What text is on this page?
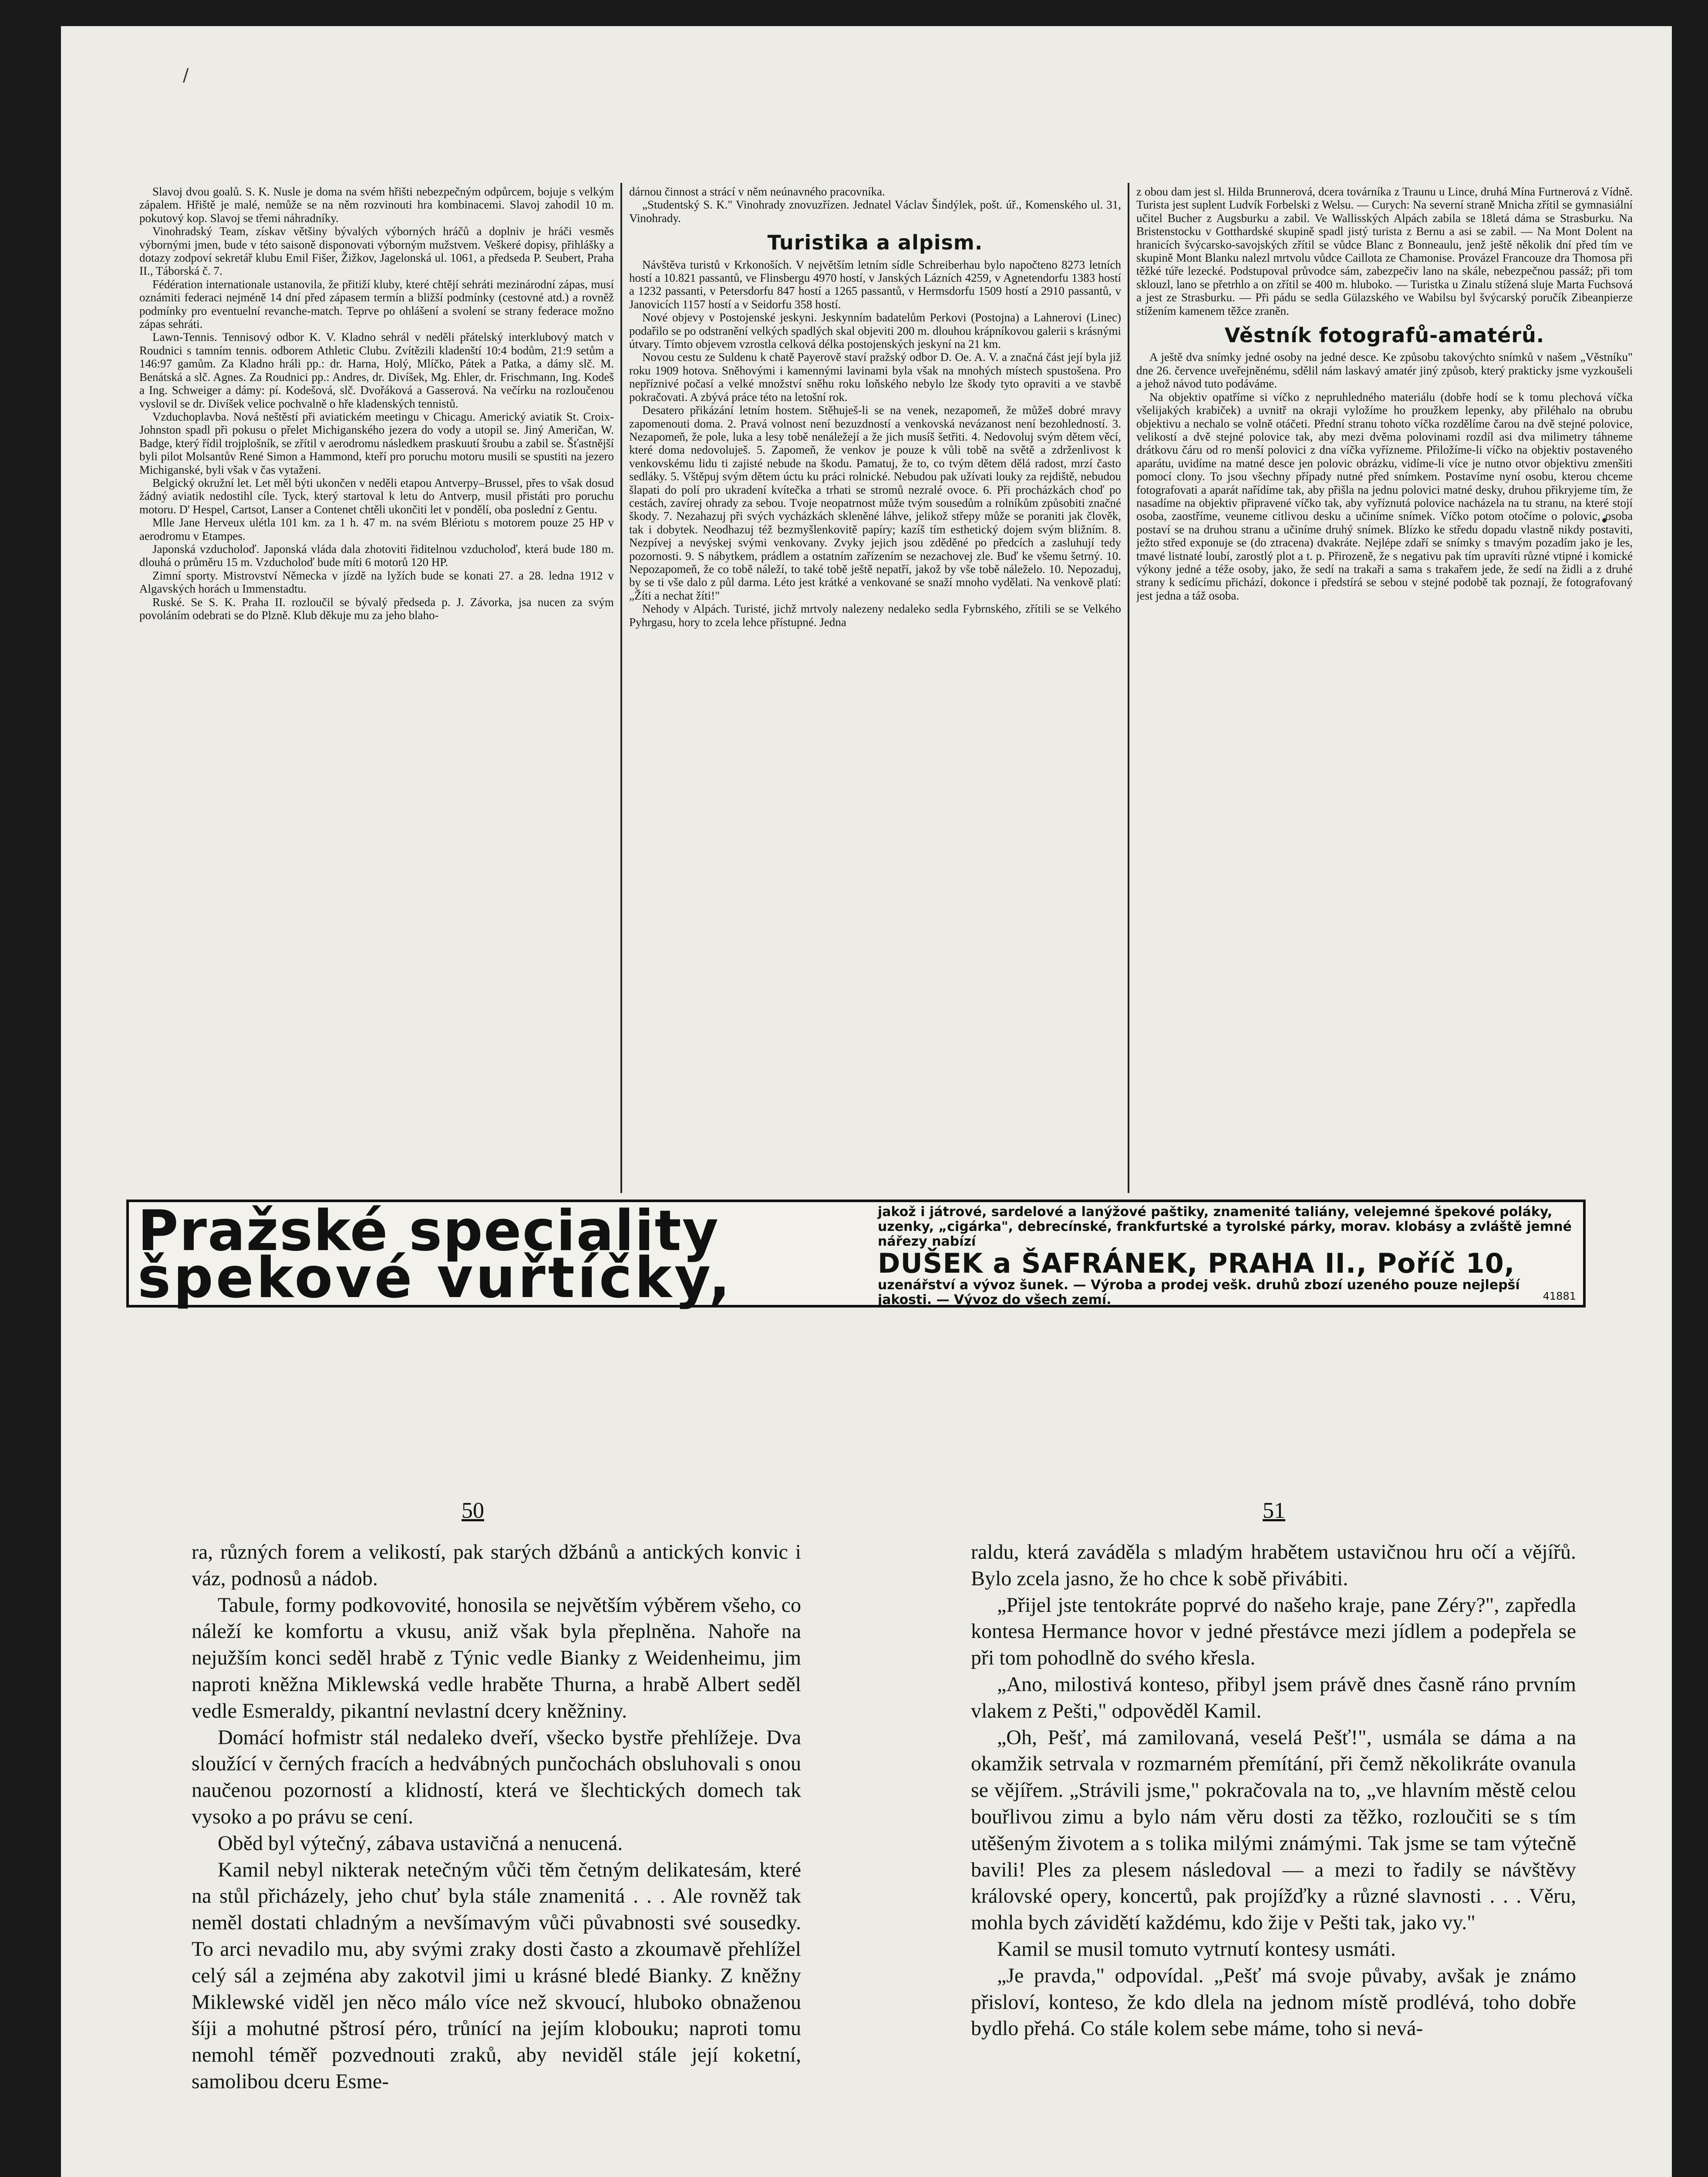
/

Slavoj dvou goalů. S. K. Nusle je doma na svém hřišti nebezpečným odpůrcem, bojuje s velkým zápalem. Hřiště je malé, nemůže se na něm rozvinouti hra kombinacemi. Slavoj zahodil 10 m. pokutový kop. Slavoj se třemi náhradníky.

Vinohradský Team, získav většiny bývalých výborných hráčů a doplniv je hráči vesměs výbornými jmen, bude v této saisoně disponovati výborným mužstvem. Veškeré dopisy, přihlášky a dotazy zodpoví sekretář klubu Emil Fišer, Žižkov, Jagelonská ul. 1061, a předseda P. Seubert, Praha II., Táborská č. 7.

Fédération internationale ustanovila, že přitiží kluby, které chtějí sehráti mezinárodní zápas, musí oznámiti federaci nejméně 14 dní před zápasem termín a bližší podmínky (cestovné atd.) a rovněž podmínky pro eventuelní revanche-match. Teprve po ohlášení a svolení se strany federace možno zápas sehráti.

Lawn-Tennis. Tennisový odbor K. V. Kladno sehrál v neděli přátelský interklubový match v Roudnici s tamním tennis. odborem Athletic Clubu. Zvítězili kladenští 10:4 bodům, 21:9 setům a 146:97 gamům. Za Kladno hráli pp.: dr. Harna, Holý, Mlíčko, Pátek a Patka, a dámy slč. M. Benátská a slč. Agnes. Za Roudnici pp.: Andres, dr. Divíšek, Mg. Ehler, dr. Frischmann, Ing. Kodeš a Ing. Schweiger a dámy: pí. Kodešová, slč. Dvořáková a Gasserová. Na večírku na rozloučenou vyslovil se dr. Divíšek velice pochvalně o hře kladenských tennistů.

Vzduchoplavba. Nová neštěstí při aviatickém meetingu v Chicagu. Americký aviatik St. Croix-Johnston spadl při pokusu o přelet Michiganského jezera do vody a utopil se. Jiný Američan, W. Badge, který řídil trojplošník, se zřítil v aerodromu následkem praskuutí šroubu a zabil se. Šťastnější byli pilot Molsantův René Simon a Hammond, kteří pro poruchu motoru musili se spustiti na jezero Michiganské, byli však v čas vytaženi.

Belgický okružní let. Let měl býti ukončen v neděli etapou Antverpy–Brussel, přes to však dosud žádný aviatik nedostihl cíle. Tyck, který startoval k letu do Antverp, musil přistáti pro poruchu motoru. D' Hespel, Cartsot, Lanser a Contenet chtěli ukončiti let v pondělí, oba poslední z Gentu.

Mlle Jane Herveux ulétla 101 km. za 1 h. 47 m. na svém Blériotu s motorem pouze 25 HP v aerodromu v Etampes.

Japonská vzducholoď. Japonská vláda dala zhotoviti řiditelnou vzducholoď, která bude 180 m. dlouhá o průměru 15 m. Vzducholoď bude míti 6 motorů 120 HP.

Zimní sporty. Mistrovství Německa v jízdě na lyžích bude se konati 27. a 28. ledna 1912 v Algavských horách u Immenstadtu.

Ruské. Se S. K. Praha II. rozloučil se bývalý předseda p. J. Závorka, jsa nucen za svým povoláním odebrati se do Plzně. Klub děkuje mu za jeho blaho-

dárnou činnost a strácí v něm neúnavného pracovníka.

„Studentský S. K." Vinohrady znovuzřízen. Jednatel Václav Šindýlek, pošt. úř., Komenského ul. 31, Vinohrady.

Turistika a alpism.

Návštěva turistů v Krkonoších. V největším letním sídle Schreiberhau bylo napočteno 8273 letních hostí a 10.821 passantů, ve Flinsbergu 4970 hostí, v Janských Lázních 4259, v Agnetendorfu 1383 hostí a 1232 passanti, v Petersdorfu 847 hostí a 1265 passantů, v Hermsdorfu 1509 hostí a 2910 passantů, v Janovicích 1157 hostí a v Seidorfu 358 hostí.

Nové objevy v Postojenské jeskyni. Jeskynním badatelům Perkovi (Postojna) a Lahnerovi (Linec) podařilo se po odstranění velkých spadlých skal objeviti 200 m. dlouhou krápníkovou galerii s krásnými útvary. Tímto objevem vzrostla celková délka postojenských jeskyní na 21 km.

Novou cestu ze Suldenu k chatě Payerově staví pražský odbor D. Oe. A. V. a značná část její byla již roku 1909 hotova. Sněhovými i kamennými lavinami byla však na mnohých místech spustošena. Pro nepříznivé počasí a velké množství sněhu roku loňského nebylo lze škody tyto opraviti a ve stavbě pokračovati. A zbývá práce této na letošní rok.

Desatero přikázání letním hostem. Stěhuješ-li se na venek, nezapomeň, že můžeš dobré mravy zapomenouti doma. 2. Pravá volnost není bezuzdností a venkovská nevázanost není bezohledností. 3. Nezapomeň, že pole, luka a lesy tobě nenáležejí a že jich musíš šetřiti. 4. Nedovoluj svým dětem věcí, které doma nedovoluješ. 5. Zapomeň, že venkov je pouze k vůli tobě na světě a zdrženlivost k venkovskému lidu ti zajisté nebude na škodu. Pamatuj, že to, co tvým dětem dělá radost, mrzí často sedláky. 5. Vštěpuj svým dětem úctu ku práci rolnické. Nebudou pak užívati louky za rejdiště, nebudou šlapati do polí pro ukradení kvítečka a trhati se stromů nezralé ovoce. 6. Při procházkách choď po cestách, zavírej ohrady za sebou. Tvoje neopatrnost může tvým sousedům a rolníkům způsobiti značné škody. 7. Nezahazuj při svých vycházkách skleněné láhve, jelikož střepy může se poraniti jak člověk, tak i dobytek. Neodhazuj též bezmyšlenkovitě papíry; kazíš tím esthetický dojem svým bližním. 8. Nezpívej a nevýskej svými venkovany. Zvyky jejich jsou zděděné po předcích a zasluhují tedy pozornosti. 9. S nábytkem, prádlem a ostatním zařízením se nezachovej zle. Buď ke všemu šetrný. 10. Nepozapomeň, že co tobě náleží, to také tobě ještě nepatří, jakož by vše tobě náleželo. 10. Nepozaduj, by se ti vše dalo z půl darma. Léto jest krátké a venkované se snaží mnoho vydělati. Na venkově platí: „Žíti a nechat žíti!"

Nehody v Alpách. Turisté, jichž mrtvoly nalezeny nedaleko sedla Fybrnského, zřítili se se Velkého Pyhrgasu, hory to zcela lehce přístupné. Jedna

z obou dam jest sl. Hilda Brunnerová, dcera továrníka z Traunu u Lince, druhá Mína Furtnerová z Vídně. Turista jest suplent Ludvík Forbelski z Welsu. — Curych: Na severní straně Mnicha zřítil se gymnasiální učitel Bucher z Augsburku a zabil. Ve Wallisských Alpách zabila se 18letá dáma se Strasburku. Na Bristenstocku v Gotthardské skupině spadl jistý turista z Bernu a asi se zabil. — Na Mont Dolent na hranicích švýcarsko-savojských zřítil se vůdce Blanc z Bonneaulu, jenž ještě několik dní před tím ve skupině Mont Blanku nalezl mrtvolu vůdce Caillota ze Chamonise. Provázel Francouze dra Thomosa při těžké túře lezecké. Podstupoval průvodce sám, zabezpečiv lano na skále, nebezpečnou passáž; při tom sklouzl, lano se přetrhlo a on zřítil se 400 m. hluboko. — Turistka u Zinalu stížená sluje Marta Fuchsová a jest ze Strasburku. — Při pádu se sedla Gülazského ve Wabilsu byl švýcarský poručík Zibeanpierze stížením kamenem těžce zraněn.

Věstník fotografů-amatérů.

A ještě dva snímky jedné osoby na jedné desce. Ke způsobu takovýchto snímků v našem „Věstníku" dne 26. července uveřejněnému, sdělil nám laskavý amatér jiný způsob, který prakticky jsme vyzkoušeli a jehož návod tuto podáváme.

Na objektiv opatříme si víčko z nepruhledného materiálu (dobře hodí se k tomu plechová víčka všelijakých krabiček) a uvnitř na okraji vyložíme ho proužkem lepenky, aby přiléhalo na obrubu objektivu a nechalo se volně otáčeti. Přední stranu tohoto víčka rozdělíme čarou na dvě stejné polovice, velikostí a dvě stejné polovice tak, aby mezi dvěma polovinami rozdíl asi dva milimetry táhneme drátkovu čáru od ro menší polovici z dna víčka vyřízneme. Přiložíme-li víčko na objektiv postaveného aparátu, uvidíme na matné desce jen polovic obrázku, vidíme-li více je nutno otvor objektivu zmenšiti pomocí clony. To jsou všechny případy nutné před snímkem. Postavíme nyní osobu, kterou chceme fotografovati a aparát nařídíme tak, aby přišla na jednu polovici matné desky, druhou přikryjeme tím, že nasadíme na objektiv připravené víčko tak, aby vyříznutá polovice nacházela na tu stranu, na které stojí osoba, zaostříme, veuneme citlivou desku a učiníme snímek. Víčko potom otočíme o polovic, osoba postaví se na druhou stranu a učiníme druhý snímek. Blízko ke středu dopadu vlastně nikdy postaviti, ježto střed exponuje se (do ztracena) dvakráte. Nejlépe zdaří se snímky s tmavým pozadím jako je les, tmavé listnaté loubí, zarostlý plot a t. p. Přirozeně, že s negativu pak tím upravíti různé vtipné i komické výkony jedné a téže osoby, jako, že sedí na trakaři a sama s trakařem jede, že sedí na židli a z druhé strany k sedícímu přichází, dokonce i předstírá se sebou v stejné podobě tak poznají, že fotografovaný jest jedna a táž osoba.

Pražské speciality
špekové vuřtíčky,
jakož i játrové, sardelové a lanýžové paštiky, znamenité taliány, velejemné špekové poláky, uzenky, „cigárka", debrecínské, frankfurtské a tyrolské párky, morav. klobásy a zvláště jemné nářezy nabízí
DUŠEK a ŠAFRÁNEK, PRAHA II., Poříč 10,
uzenářství a vývoz šunek. — Výroba a prodej vešk. druhů zbozí uzeného pouze nejlepší jakosti. — Vývoz do všech zemí.	41881
50	51

ra, různých forem a velikostí, pak starých džbánů a antických konvic i váz, podnosů a nádob.

Tabule, formy podkovovité, honosila se největším výběrem všeho, co náleží ke komfortu a vkusu, aniž však byla přeplněna. Nahoře na nejužším konci seděl hrabě z Týnic vedle Bianky z Weidenheimu, jim naproti kněžna Miklewská vedle hraběte Thurna, a hrabě Albert seděl vedle Esmeraldy, pikantní nevlastní dcery kněžniny.

Domácí hofmistr stál nedaleko dveří, všecko bystře přehlížeje. Dva sloužící v černých fracích a hedvábných punčochách obsluhovali s onou naučenou pozorností a klidností, která ve šlechtických domech tak vysoko a po právu se cení.

Oběd byl výtečný, zábava ustavičná a nenucená.

Kamil nebyl nikterak netečným vůči těm četným delikatesám, které na stůl přicházely, jeho chuť byla stále znamenitá . . . Ale rovněž tak neměl dostati chladným a nevšímavým vůči půvabnosti své sousedky. To arci nevadilo mu, aby svými zraky dosti často a zkoumavě přehlížel celý sál a zejména aby zakotvil jimi u krásné bledé Bianky. Z kněžny Miklewské viděl jen něco málo více než skvoucí, hluboko obnaženou šíji a mohutné pštrosí péro, trůnící na jejím klobouku; naproti tomu nemohl téměř pozvednouti zraků, aby neviděl stále její koketní, samolibou dceru Esme-

raldu, která zaváděla s mladým hrabětem ustavičnou hru očí a vějířů. Bylo zcela jasno, že ho chce k sobě přivábiti.

„Přijel jste tentokráte poprvé do našeho kraje, pane Zéry?", zapředla kontesa Hermance hovor v jedné přestávce mezi jídlem a podepřela se při tom pohodlně do svého křesla.

„Ano, milostivá konteso, přibyl jsem právě dnes časně ráno prvním vlakem z Pešti," odpověděl Kamil.

„Oh, Pešť, má zamilovaná, veselá Pešť!", usmála se dáma a na okamžik setrvala v rozmarném přemítání, při čemž několikráte ovanula se vějířem. „Strávili jsme," pokračovala na to, „ve hlavním městě celou bouřlivou zimu a bylo nám věru dosti za těžko, rozloučiti se s tím utěšeným životem a s tolika milými známými. Tak jsme se tam výtečně bavili! Ples za plesem následoval — a mezi to řadily se návštěvy královské opery, koncertů, pak projížďky a různé slavnosti . . . Věru, mohla bych závidětí každému, kdo žije v Pešti tak, jako vy."

Kamil se musil tomuto vytrnutí kontesy usmáti.

„Je pravda," odpovídal. „Pešť má svoje půvaby, avšak je známo přisloví, konteso, že kdo dlela na jednom místě prodlévá, toho dobře bydlo přehá. Co stále kolem sebe máme, toho si nevá-
